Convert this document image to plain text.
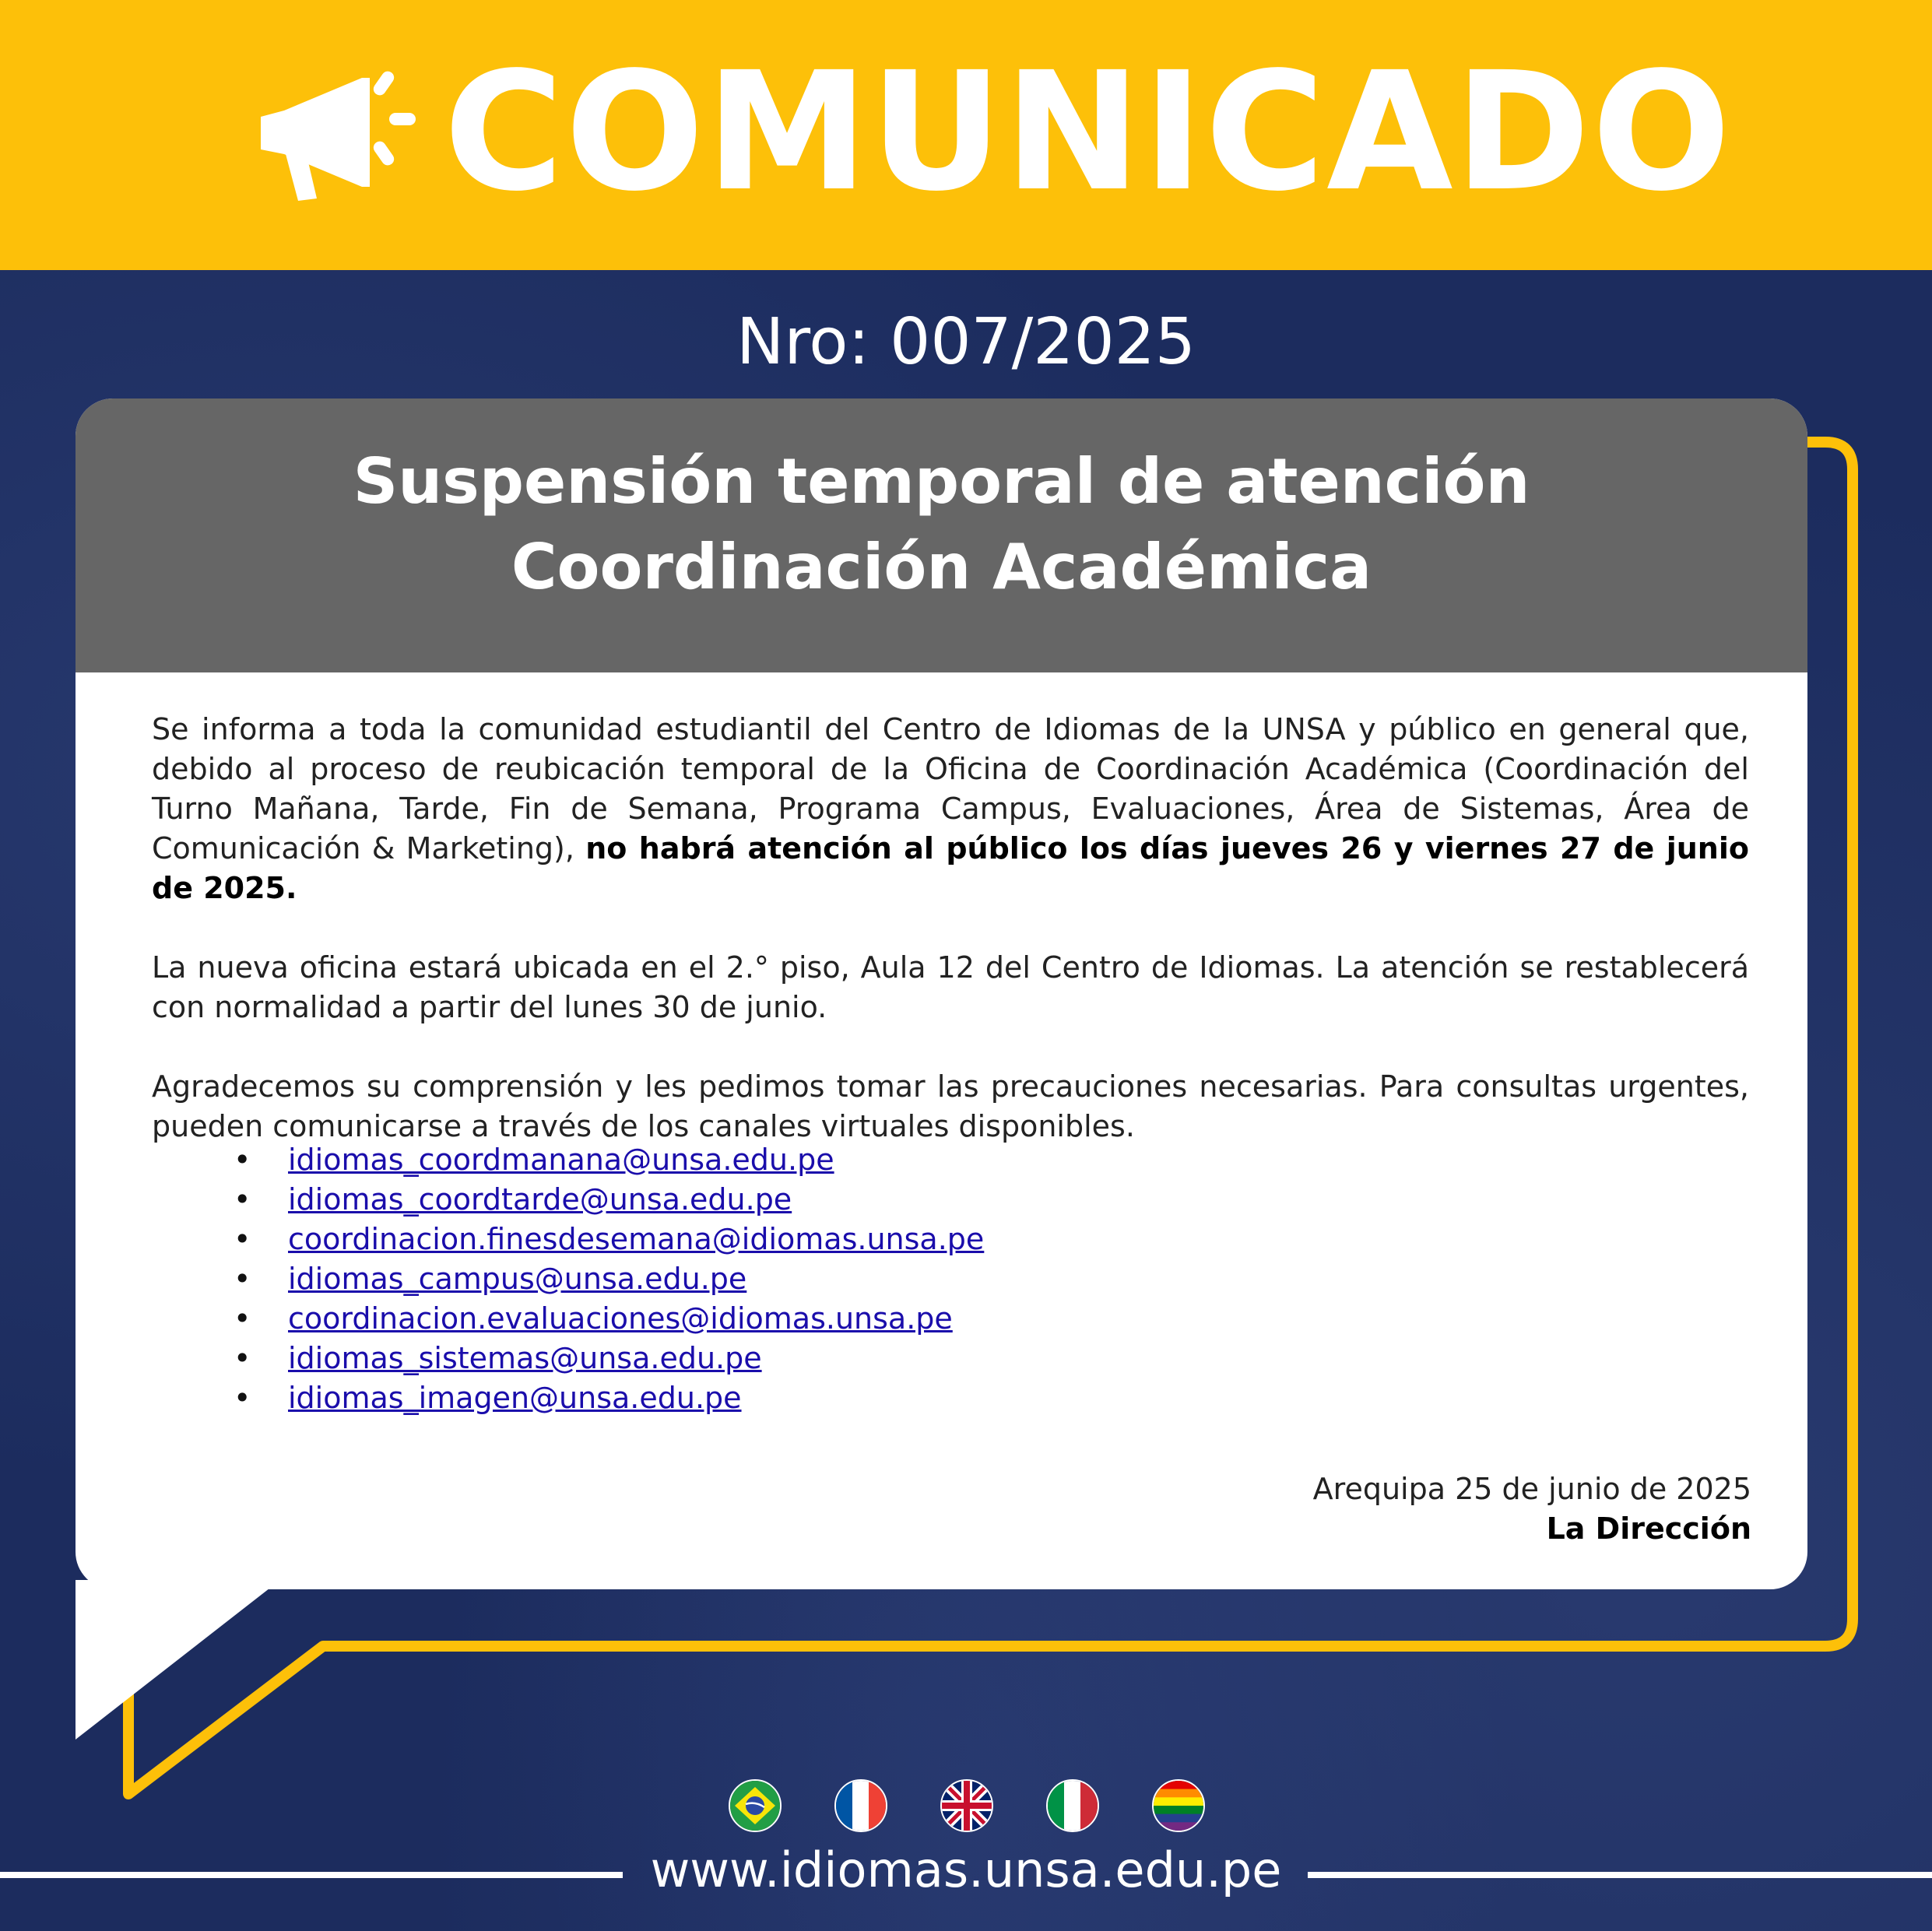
COMUNICADO
Nro: 007/2025
Suspensión temporal de atención
Coordinación Académica
Se informa a toda la comunidad estudiantil del Centro de Idiomas de la UNSA y público en general que, debido al proceso de reubicación temporal de la Oficina de Coordinación Académica (Coordinación del Turno Mañana, Tarde, Fin de Semana, Programa Campus, Evaluaciones, Área de Sistemas, Área de Comunicación & Marketing), no habrá atención al público los días jueves 26 y viernes 27 de junio de 2025.
La nueva oficina estará ubicada en el 2.° piso, Aula 12 del Centro de Idiomas. La atención se restablecerá con normalidad a partir del lunes 30 de junio.
Agradecemos su comprensión y les pedimos tomar las precauciones necesarias. Para consultas urgentes, pueden comunicarse a través de los canales virtuales disponibles.
• idiomas_coordmanana@unsa.edu.pe
• idiomas_coordtarde@unsa.edu.pe
• coordinacion.finesdesemana@idiomas.unsa.pe
• idiomas_campus@unsa.edu.pe
• coordinacion.evaluaciones@idiomas.unsa.pe
• idiomas_sistemas@unsa.edu.pe
• idiomas_imagen@unsa.edu.pe
Arequipa 25 de junio de 2025
La Dirección
www.idiomas.unsa.edu.pe
